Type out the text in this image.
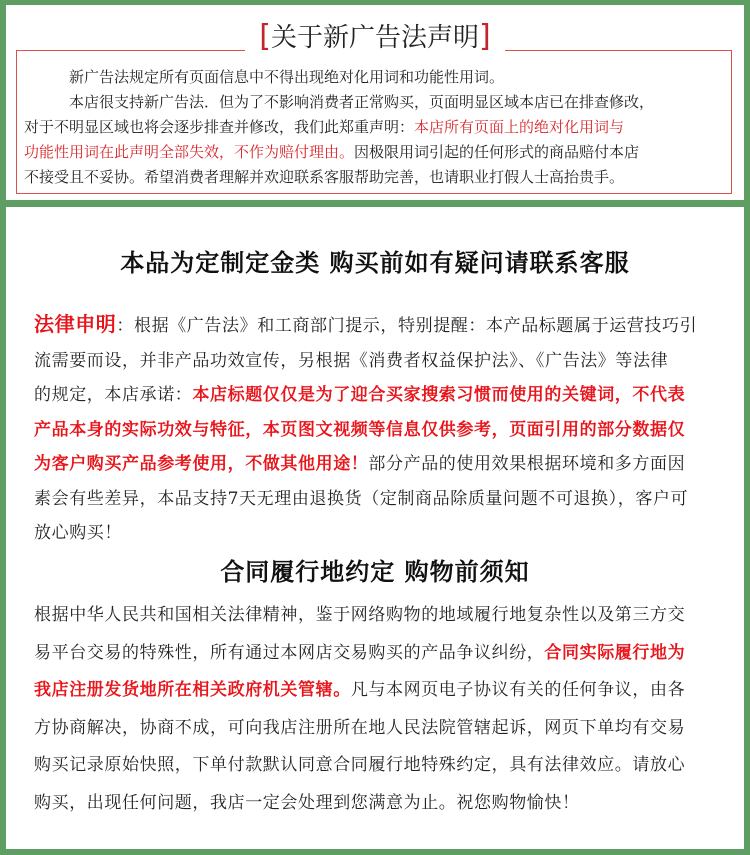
[关于新广告法声明]
新广告法规定所有页面信息中不得出现绝对化用词和功能性用词。
本店很支持新广告法．但为了不影响消费者正常购买，页面明显区域本店已在排查修改，
对于不明显区域也将会逐步排查并修改，我们此郑重声明：本店所有页面上的绝对化用词与
功能性用词在此声明全部失效，不作为赔付理由。因极限用词引起的任何形式的商品赔付本店
不接受且不妥协。希望消费者理解并欢迎联系客服帮助完善，也请职业打假人士高抬贵手。
本品为定制定金类 购买前如有疑问请联系客服
法律申明：根据《广告法》和工商部门提示，特别提醒：本产品标题属于运营技巧引
流需要而设，并非产品功效宣传，另根据《消费者权益保护法》、《广告法》等法律
的规定，本店承诺：本店标题仅仅是为了迎合买家搜索习惯而使用的关键词，不代表
产品本身的实际功效与特征，本页图文视频等信息仅供参考，页面引用的部分数据仅
为客户购买产品参考使用，不做其他用途！部分产品的使用效果根据环境和多方面因
素会有些差异，本品支持7天无理由退换货（定制商品除质量问题不可退换），客户可
放心购买！
合同履行地约定 购物前须知
根据中华人民共和国相关法律精神，鉴于网络购物的地域履行地复杂性以及第三方交
易平台交易的特殊性，所有通过本网店交易购买的产品争议纠纷，合同实际履行地为
我店注册发货地所在相关政府机关管辖。凡与本网页电子协议有关的任何争议，由各
方协商解决，协商不成，可向我店注册所在地人民法院管辖起诉，网页下单均有交易
购买记录原始快照，下单付款默认同意合同履行地特殊约定，具有法律效应。请放心
购买，出现任何问题，我店一定会处理到您满意为止。祝您购物愉快！
